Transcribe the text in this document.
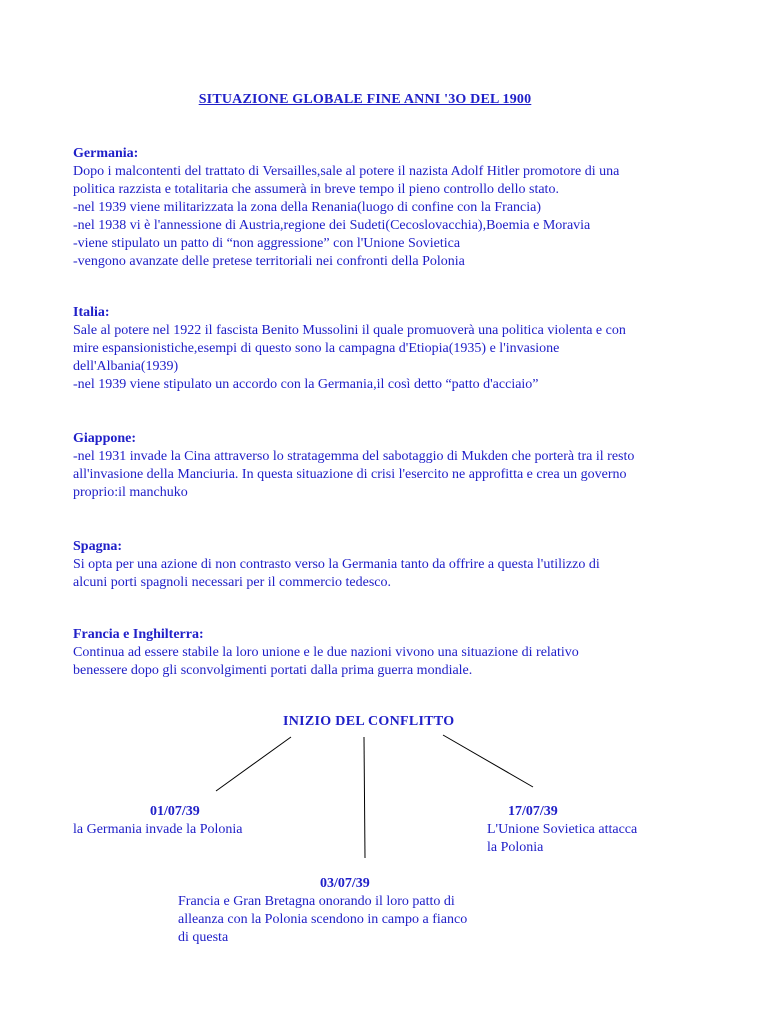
SITUAZIONE GLOBALE FINE ANNI '3O DEL 1900
Germania:
Dopo i malcontenti del trattato di Versailles,sale al potere il nazista Adolf Hitler promotore di una
politica razzista e totalitaria che assumerà in breve tempo il pieno controllo dello stato.
-nel 1939 viene militarizzata la zona della Renania(luogo di confine con la Francia)
-nel 1938 vi è l'annessione di Austria,regione dei Sudeti(Cecoslovacchia),Boemia e Moravia
-viene stipulato un patto di “non aggressione” con l'Unione Sovietica
-vengono avanzate delle pretese territoriali nei confronti della Polonia
Italia:
Sale al potere nel 1922 il fascista Benito Mussolini il quale promuoverà una politica violenta e con
mire espansionistiche,esempi di questo sono la campagna d'Etiopia(1935) e l'invasione
dell'Albania(1939)
-nel 1939 viene stipulato un accordo con la Germania,il così detto “patto d'acciaio”
Giappone:
-nel 1931 invade la Cina attraverso lo stratagemma del sabotaggio di Mukden che porterà tra il resto
all'invasione della Manciuria. In questa situazione di crisi l'esercito ne approfitta e crea un governo
proprio:il manchuko
Spagna:
Si opta per una azione di non contrasto verso la Germania tanto da offrire a questa l'utilizzo di
alcuni porti spagnoli necessari per il commercio tedesco.
Francia e Inghilterra:
Continua ad essere stabile la loro unione e le due nazioni vivono una situazione di relativo
benessere dopo gli sconvolgimenti portati dalla prima guerra mondiale.
INIZIO DEL CONFLITTO
01/07/39
la Germania invade la Polonia
17/07/39
L'Unione Sovietica attacca
la Polonia
03/07/39
Francia e Gran Bretagna onorando il loro patto di
alleanza con la Polonia scendono in campo a fianco
di questa
